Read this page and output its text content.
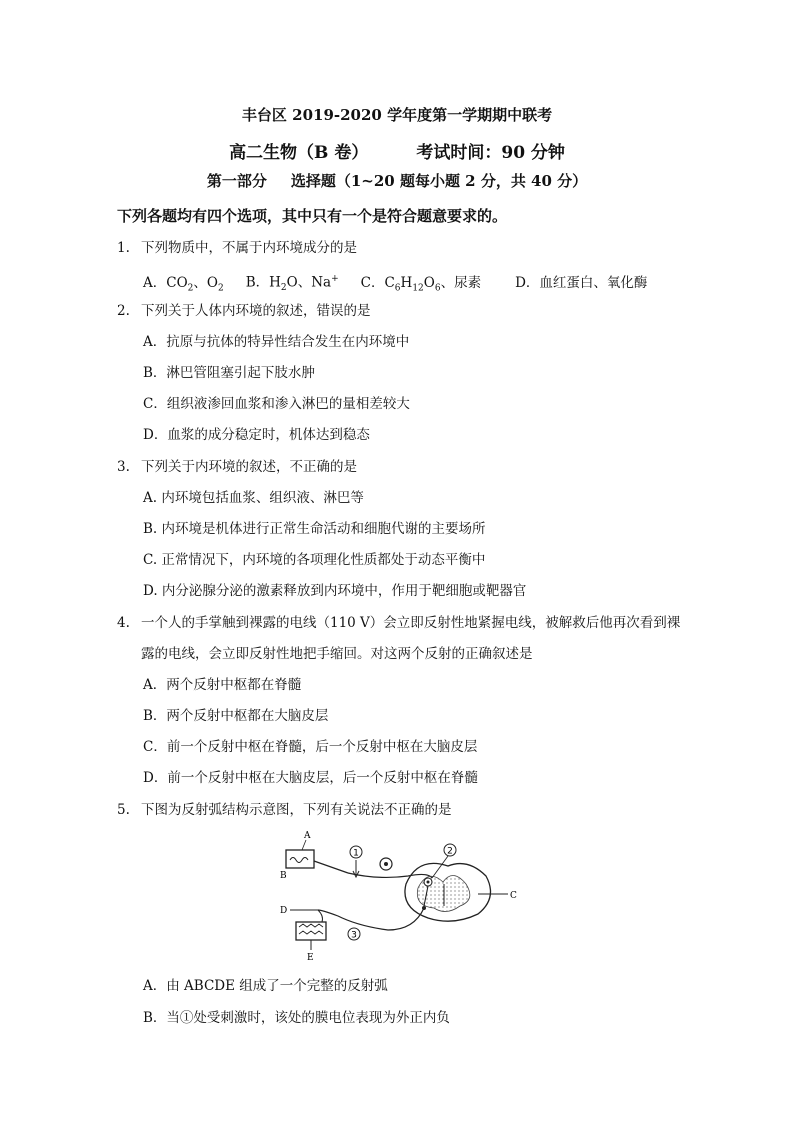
丰台区 2019-2020 学年度第一学期期中联考
高二生物（B 卷）	考试时间：90 分钟
第一部分 选择题（1~20 题每小题 2 分，共 40 分）
下列各题均有四个选项，其中只有一个是符合题意要求的。
1. 下列物质中，不属于内环境成分的是
A．$CO_2$、$O_2$ B．$H_2O$、Na+ C．$C_6H_{12}O_6$、尿素	D．血红蛋白、氧化酶
2. 下列关于人体内环境的叙述，错误的是
A．抗原与抗体的特异性结合发生在内环境中
B．淋巴管阻塞引起下肢水肿
C．组织液渗回血浆和渗入淋巴的量相差较大
D．血浆的成分稳定时，机体达到稳态
3. 下列关于内环境的叙述，不正确的是
A. 内环境包括血浆、组织液、淋巴等
B. 内环境是机体进行正常生命活动和细胞代谢的主要场所
C. 正常情况下，内环境的各项理化性质都处于动态平衡中
D. 内分泌腺分泌的激素释放到内环境中，作用于靶细胞或靶器官
4. 一个人的手掌触到裸露的电线（110 V）会立即反射性地紧握电线，被解救后他再次看到裸
露的电线，会立即反射性地把手缩回。对这两个反射的正确叙述是
A．两个反射中枢都在脊髓
B．两个反射中枢都在大脑皮层
C．前一个反射中枢在脊髓，后一个反射中枢在大脑皮层
D．前一个反射中枢在大脑皮层，后一个反射中枢在脊髓
5. 下图为反射弧结构示意图，下列有关说法不正确的是
1	2
3
A
B
C
D
E
A．由 ABCDE 组成了一个完整的反射弧
B．当①处受刺激时，该处的膜电位表现为外正内负
